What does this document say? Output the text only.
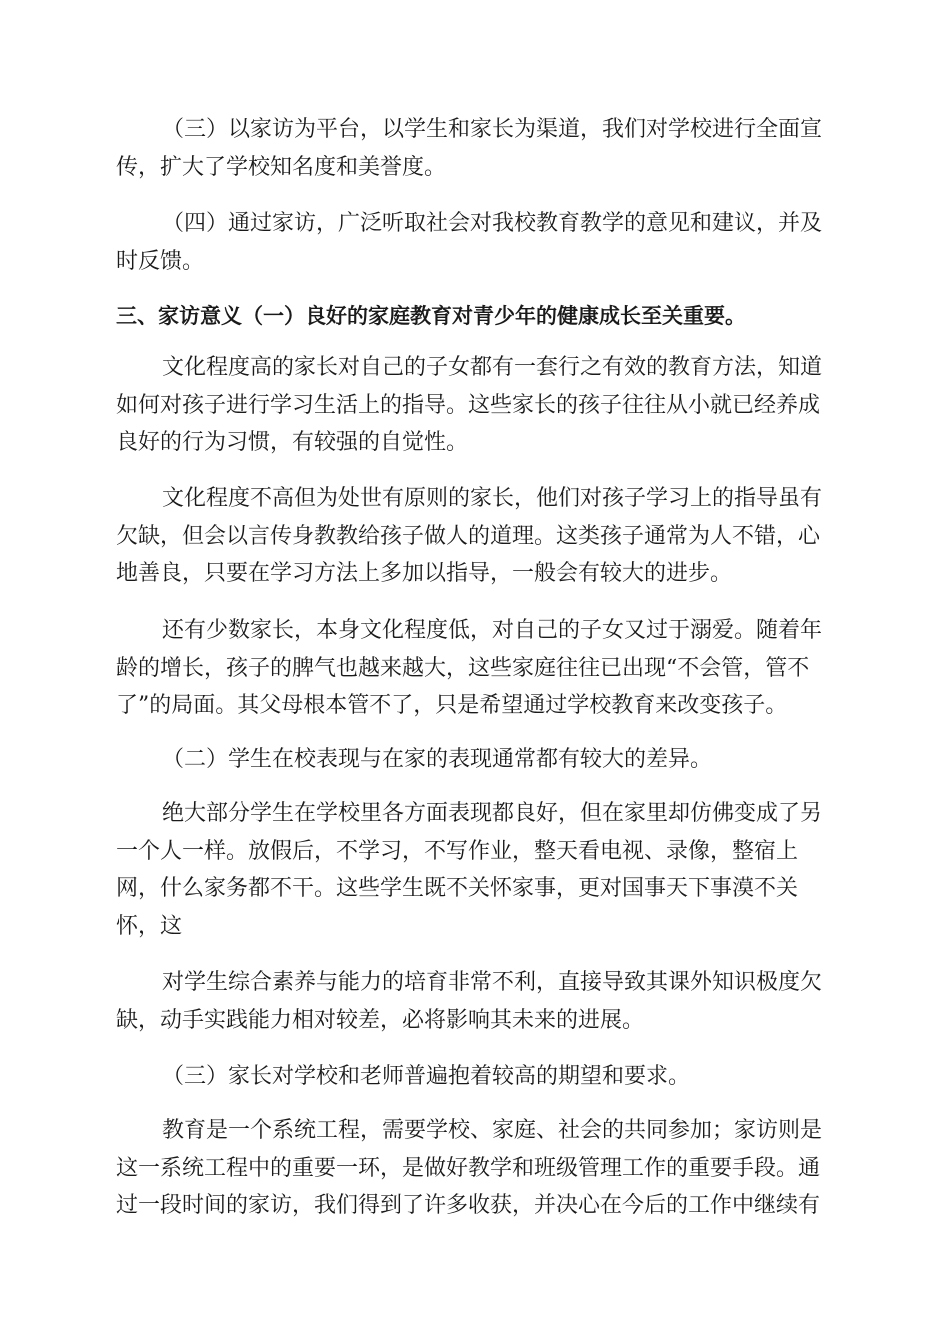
（三）以家访为平台，以学生和家长为渠道，我们对学校进行全面宣
传，扩大了学校知名度和美誉度。
（四）通过家访，广泛听取社会对我校教育教学的意见和建议，并及
时反馈。
三、家访意义（一）良好的家庭教育对青少年的健康成长至关重要。
文化程度高的家长对自己的子女都有一套行之有效的教育方法，知道
如何对孩子进行学习生活上的指导。这些家长的孩子往往从小就已经养成
良好的行为习惯，有较强的自觉性。
文化程度不高但为处世有原则的家长，他们对孩子学习上的指导虽有
欠缺，但会以言传身教教给孩子做人的道理。这类孩子通常为人不错，心
地善良，只要在学习方法上多加以指导，一般会有较大的进步。
还有少数家长，本身文化程度低，对自己的子女又过于溺爱。随着年
龄的增长，孩子的脾气也越来越大，这些家庭往往已出现“不会管，管不
了”的局面。其父母根本管不了，只是希望通过学校教育来改变孩子。
（二）学生在校表现与在家的表现通常都有较大的差异。
绝大部分学生在学校里各方面表现都良好，但在家里却仿佛变成了另
一个人一样。放假后，不学习，不写作业，整天看电视、录像，整宿上
网，什么家务都不干。这些学生既不关怀家事，更对国事天下事漠不关
怀，这
对学生综合素养与能力的培育非常不利，直接导致其课外知识极度欠
缺，动手实践能力相对较差，必将影响其未来的进展。
（三）家长对学校和老师普遍抱着较高的期望和要求。
教育是一个系统工程，需要学校、家庭、社会的共同参加；家访则是
这一系统工程中的重要一环，是做好教学和班级管理工作的重要手段。通
过一段时间的家访，我们得到了许多收获，并决心在今后的工作中继续有
